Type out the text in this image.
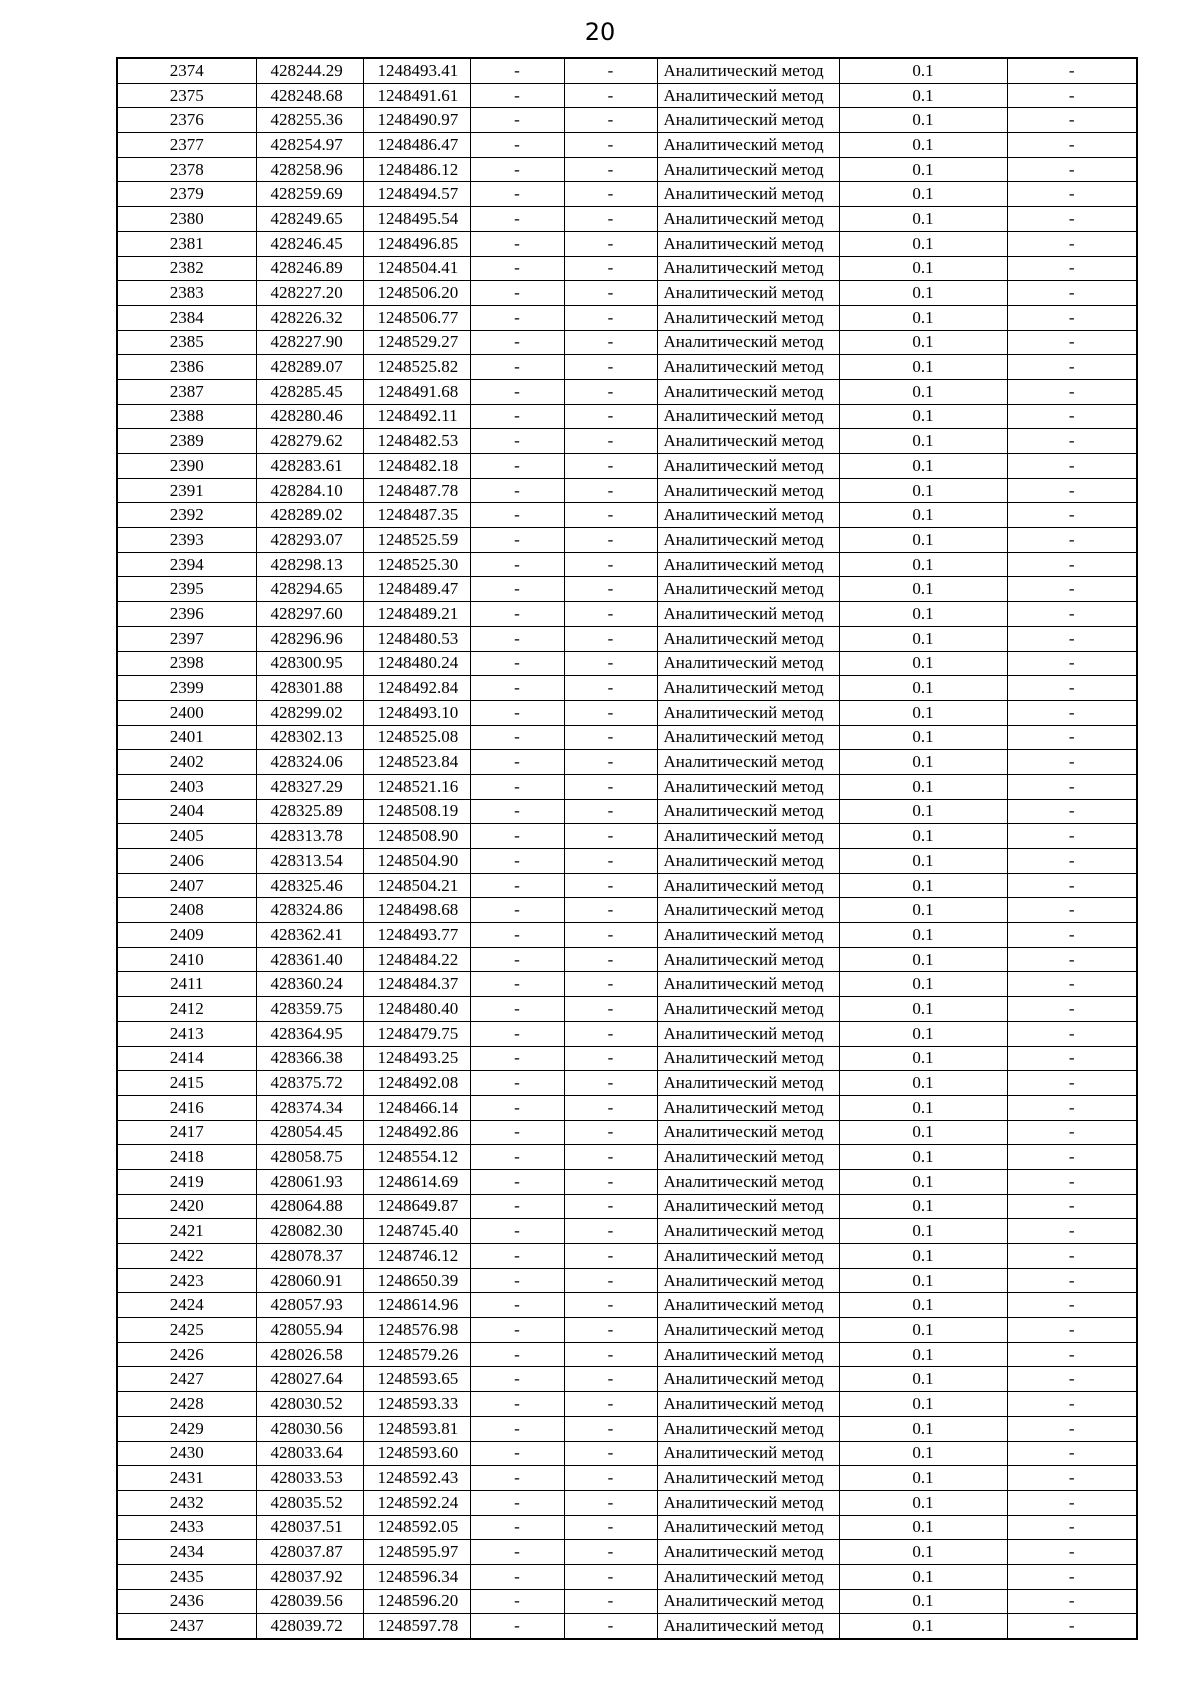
20
2374	428244.29	1248493.41	-	-	Аналитический метод	0.1	-
2375	428248.68	1248491.61	-	-	Аналитический метод	0.1	-
2376	428255.36	1248490.97	-	-	Аналитический метод	0.1	-
2377	428254.97	1248486.47	-	-	Аналитический метод	0.1	-
2378	428258.96	1248486.12	-	-	Аналитический метод	0.1	-
2379	428259.69	1248494.57	-	-	Аналитический метод	0.1	-
2380	428249.65	1248495.54	-	-	Аналитический метод	0.1	-
2381	428246.45	1248496.85	-	-	Аналитический метод	0.1	-
2382	428246.89	1248504.41	-	-	Аналитический метод	0.1	-
2383	428227.20	1248506.20	-	-	Аналитический метод	0.1	-
2384	428226.32	1248506.77	-	-	Аналитический метод	0.1	-
2385	428227.90	1248529.27	-	-	Аналитический метод	0.1	-
2386	428289.07	1248525.82	-	-	Аналитический метод	0.1	-
2387	428285.45	1248491.68	-	-	Аналитический метод	0.1	-
2388	428280.46	1248492.11	-	-	Аналитический метод	0.1	-
2389	428279.62	1248482.53	-	-	Аналитический метод	0.1	-
2390	428283.61	1248482.18	-	-	Аналитический метод	0.1	-
2391	428284.10	1248487.78	-	-	Аналитический метод	0.1	-
2392	428289.02	1248487.35	-	-	Аналитический метод	0.1	-
2393	428293.07	1248525.59	-	-	Аналитический метод	0.1	-
2394	428298.13	1248525.30	-	-	Аналитический метод	0.1	-
2395	428294.65	1248489.47	-	-	Аналитический метод	0.1	-
2396	428297.60	1248489.21	-	-	Аналитический метод	0.1	-
2397	428296.96	1248480.53	-	-	Аналитический метод	0.1	-
2398	428300.95	1248480.24	-	-	Аналитический метод	0.1	-
2399	428301.88	1248492.84	-	-	Аналитический метод	0.1	-
2400	428299.02	1248493.10	-	-	Аналитический метод	0.1	-
2401	428302.13	1248525.08	-	-	Аналитический метод	0.1	-
2402	428324.06	1248523.84	-	-	Аналитический метод	0.1	-
2403	428327.29	1248521.16	-	-	Аналитический метод	0.1	-
2404	428325.89	1248508.19	-	-	Аналитический метод	0.1	-
2405	428313.78	1248508.90	-	-	Аналитический метод	0.1	-
2406	428313.54	1248504.90	-	-	Аналитический метод	0.1	-
2407	428325.46	1248504.21	-	-	Аналитический метод	0.1	-
2408	428324.86	1248498.68	-	-	Аналитический метод	0.1	-
2409	428362.41	1248493.77	-	-	Аналитический метод	0.1	-
2410	428361.40	1248484.22	-	-	Аналитический метод	0.1	-
2411	428360.24	1248484.37	-	-	Аналитический метод	0.1	-
2412	428359.75	1248480.40	-	-	Аналитический метод	0.1	-
2413	428364.95	1248479.75	-	-	Аналитический метод	0.1	-
2414	428366.38	1248493.25	-	-	Аналитический метод	0.1	-
2415	428375.72	1248492.08	-	-	Аналитический метод	0.1	-
2416	428374.34	1248466.14	-	-	Аналитический метод	0.1	-
2417	428054.45	1248492.86	-	-	Аналитический метод	0.1	-
2418	428058.75	1248554.12	-	-	Аналитический метод	0.1	-
2419	428061.93	1248614.69	-	-	Аналитический метод	0.1	-
2420	428064.88	1248649.87	-	-	Аналитический метод	0.1	-
2421	428082.30	1248745.40	-	-	Аналитический метод	0.1	-
2422	428078.37	1248746.12	-	-	Аналитический метод	0.1	-
2423	428060.91	1248650.39	-	-	Аналитический метод	0.1	-
2424	428057.93	1248614.96	-	-	Аналитический метод	0.1	-
2425	428055.94	1248576.98	-	-	Аналитический метод	0.1	-
2426	428026.58	1248579.26	-	-	Аналитический метод	0.1	-
2427	428027.64	1248593.65	-	-	Аналитический метод	0.1	-
2428	428030.52	1248593.33	-	-	Аналитический метод	0.1	-
2429	428030.56	1248593.81	-	-	Аналитический метод	0.1	-
2430	428033.64	1248593.60	-	-	Аналитический метод	0.1	-
2431	428033.53	1248592.43	-	-	Аналитический метод	0.1	-
2432	428035.52	1248592.24	-	-	Аналитический метод	0.1	-
2433	428037.51	1248592.05	-	-	Аналитический метод	0.1	-
2434	428037.87	1248595.97	-	-	Аналитический метод	0.1	-
2435	428037.92	1248596.34	-	-	Аналитический метод	0.1	-
2436	428039.56	1248596.20	-	-	Аналитический метод	0.1	-
2437	428039.72	1248597.78	-	-	Аналитический метод	0.1	-
